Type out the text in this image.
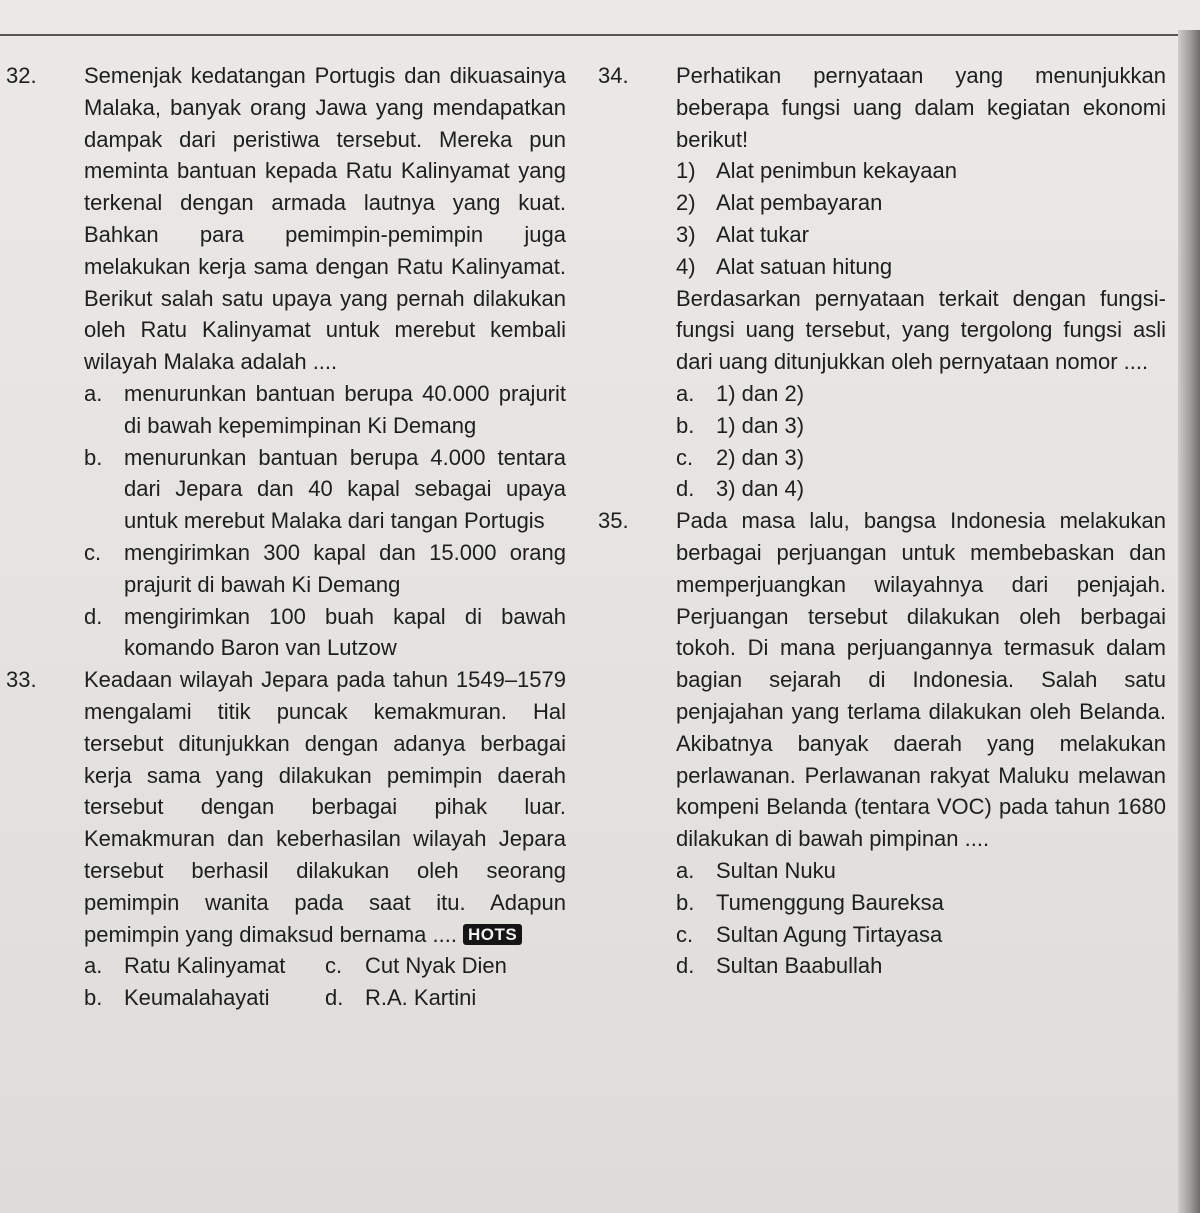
32.	Semenjak kedatangan Portugis dan dikuasainya Malaka, banyak orang Jawa yang mendapatkan dampak dari peristiwa tersebut. Mereka pun meminta bantuan kepada Ratu Kalinyamat yang terkenal dengan armada lautnya yang kuat. Bahkan para pemimpin-pemimpin juga melakukan kerja sama dengan Ratu Kalinyamat. Berikut salah satu upaya yang pernah dilakukan oleh Ratu Kalinyamat untuk merebut kembali wilayah Malaka adalah ....

a. menurunkan bantuan berupa 40.000 prajurit di bawah kepemimpinan Ki Demang
b. menurunkan bantuan berupa 4.000 tentara dari Jepara dan 40 kapal sebagai upaya untuk merebut Malaka dari tangan Portugis
c.	mengirimkan 300 kapal dan 15.000 orang prajurit di bawah Ki Demang
d. mengirimkan 100 buah kapal di bawah komando Baron van Lutzow
33.	Keadaan wilayah Jepara pada tahun 1549–1579 mengalami titik puncak kemakmuran. Hal tersebut ditunjukkan dengan adanya berbagai kerja sama yang dilakukan pemimpin daerah tersebut dengan berbagai pihak luar. Kemakmuran dan keberhasilan wilayah Jepara tersebut berhasil dilakukan oleh seorang pemimpin wanita pada saat itu. Adapun pemimpin yang dimaksud bernama .... HOTS

a. Ratu Kalinyamat	c.	Cut Nyak Dien
b. Keumalahayati	d. R.A. Kartini
34.	Perhatikan pernyataan yang menunjukkan beberapa fungsi uang dalam kegiatan ekonomi berikut!

1) Alat penimbun kekayaan
2) Alat pembayaran
3) Alat tukar
4) Alat satuan hitung

Berdasarkan pernyataan terkait dengan fungsi-fungsi uang tersebut, yang tergolong fungsi asli dari uang ditunjukkan oleh pernyataan nomor ....

a. 1) dan 2)
b. 1) dan 3)
c.	2) dan 3)
d. 3) dan 4)
35.	Pada masa lalu, bangsa Indonesia melakukan berbagai perjuangan untuk membebaskan dan memperjuangkan wilayahnya dari penjajah. Perjuangan tersebut dilakukan oleh berbagai tokoh. Di mana perjuangannya termasuk dalam bagian sejarah di Indonesia. Salah satu penjajahan yang terlama dilakukan oleh Belanda. Akibatnya banyak daerah yang melakukan perlawanan. Perlawanan rakyat Maluku melawan kompeni Belanda (tentara VOC) pada tahun 1680 dilakukan di bawah pimpinan ....

a. Sultan Nuku
b. Tumenggung Baureksa
c.	Sultan Agung Tirtayasa
d. Sultan Baabullah
